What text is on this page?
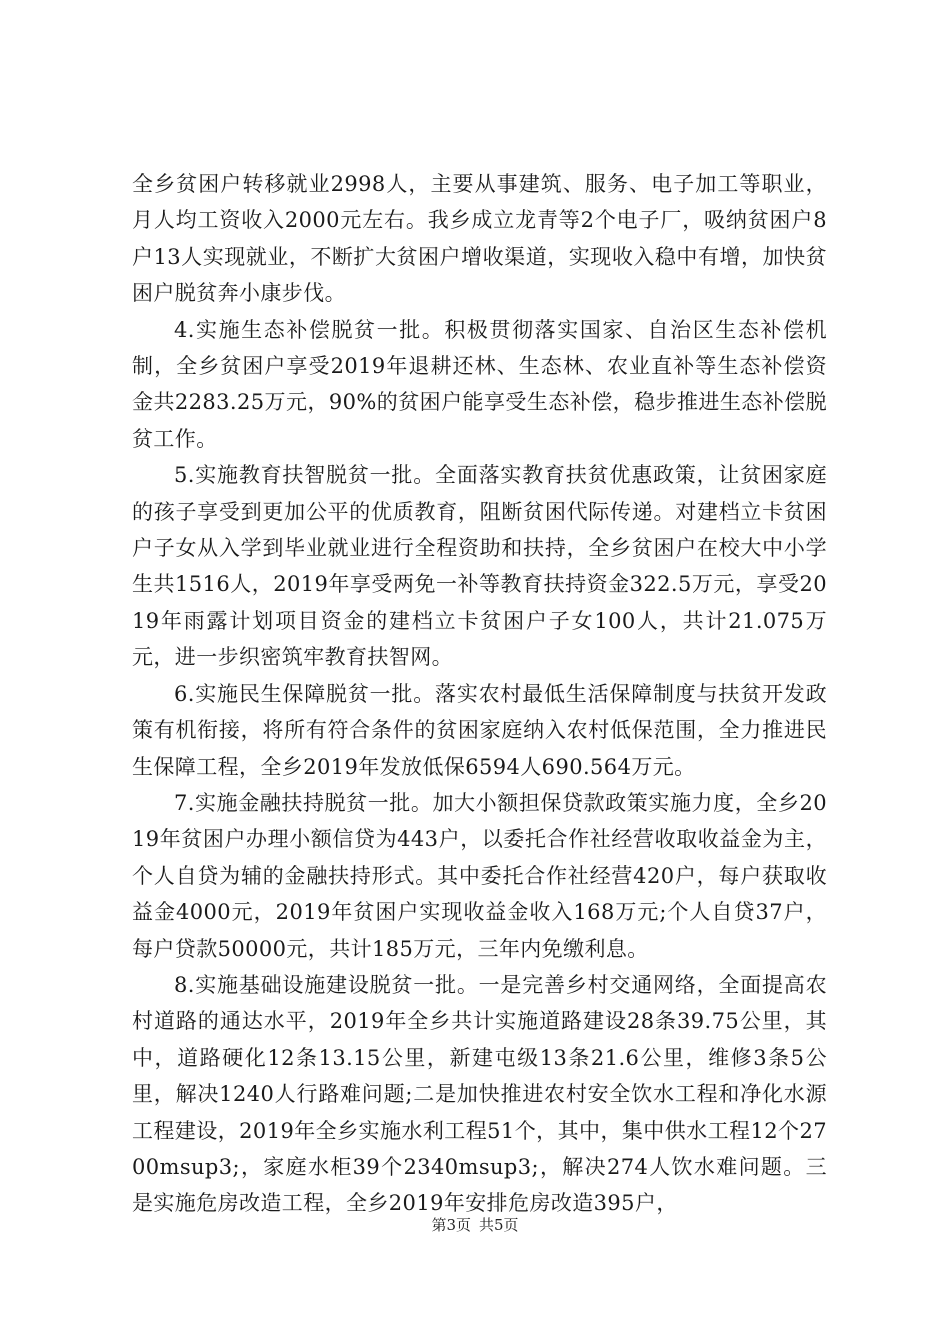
全乡贫困户转移就业2998人，主要从事建筑、服务、电子加工等职业，月人均工资收入2000元左右。我乡成立龙青等2个电子厂，吸纳贫困户8户13人实现就业，不断扩大贫困户增收渠道，实现收入稳中有增，加快贫困户脱贫奔小康步伐。

4.实施生态补偿脱贫一批。积极贯彻落实国家、自治区生态补偿机制，全乡贫困户享受2019年退耕还林、生态林、农业直补等生态补偿资金共2283.25万元，90%的贫困户能享受生态补偿，稳步推进生态补偿脱贫工作。

5.实施教育扶智脱贫一批。全面落实教育扶贫优惠政策，让贫困家庭的孩子享受到更加公平的优质教育，阻断贫困代际传递。对建档立卡贫困户子女从入学到毕业就业进行全程资助和扶持，全乡贫困户在校大中小学生共1516人，2019年享受两免一补等教育扶持资金322.5万元，享受2019年雨露计划项目资金的建档立卡贫困户子女100人，共计21.075万元，进一步织密筑牢教育扶智网。

6.实施民生保障脱贫一批。落实农村最低生活保障制度与扶贫开发政策有机衔接，将所有符合条件的贫困家庭纳入农村低保范围，全力推进民生保障工程，全乡2019年发放低保6594人690.564万元。

7.实施金融扶持脱贫一批。加大小额担保贷款政策实施力度，全乡2019年贫困户办理小额信贷为443户，以委托合作社经营收取收益金为主，个人自贷为辅的金融扶持形式。其中委托合作社经营420户，每户获取收益金4000元，2019年贫困户实现收益金收入168万元;个人自贷37户，每户贷款50000元，共计185万元，三年内免缴利息。

8.实施基础设施建设脱贫一批。一是完善乡村交通网络，全面提高农村道路的通达水平，2019年全乡共计实施道路建设28条39.75公里，其中，道路硬化12条13.15公里，新建屯级13条21.6公里，维修3条5公里，解决1240人行路难问题;二是加快推进农村安全饮水工程和净化水源工程建设，2019年全乡实施水利工程51个，其中，集中供水工程12个2700msup3;，家庭水柜39个2340msup3;，解决274人饮水难问题。三是实施危房改造工程，全乡2019年安排危房改造395户，

第3页 共5页
